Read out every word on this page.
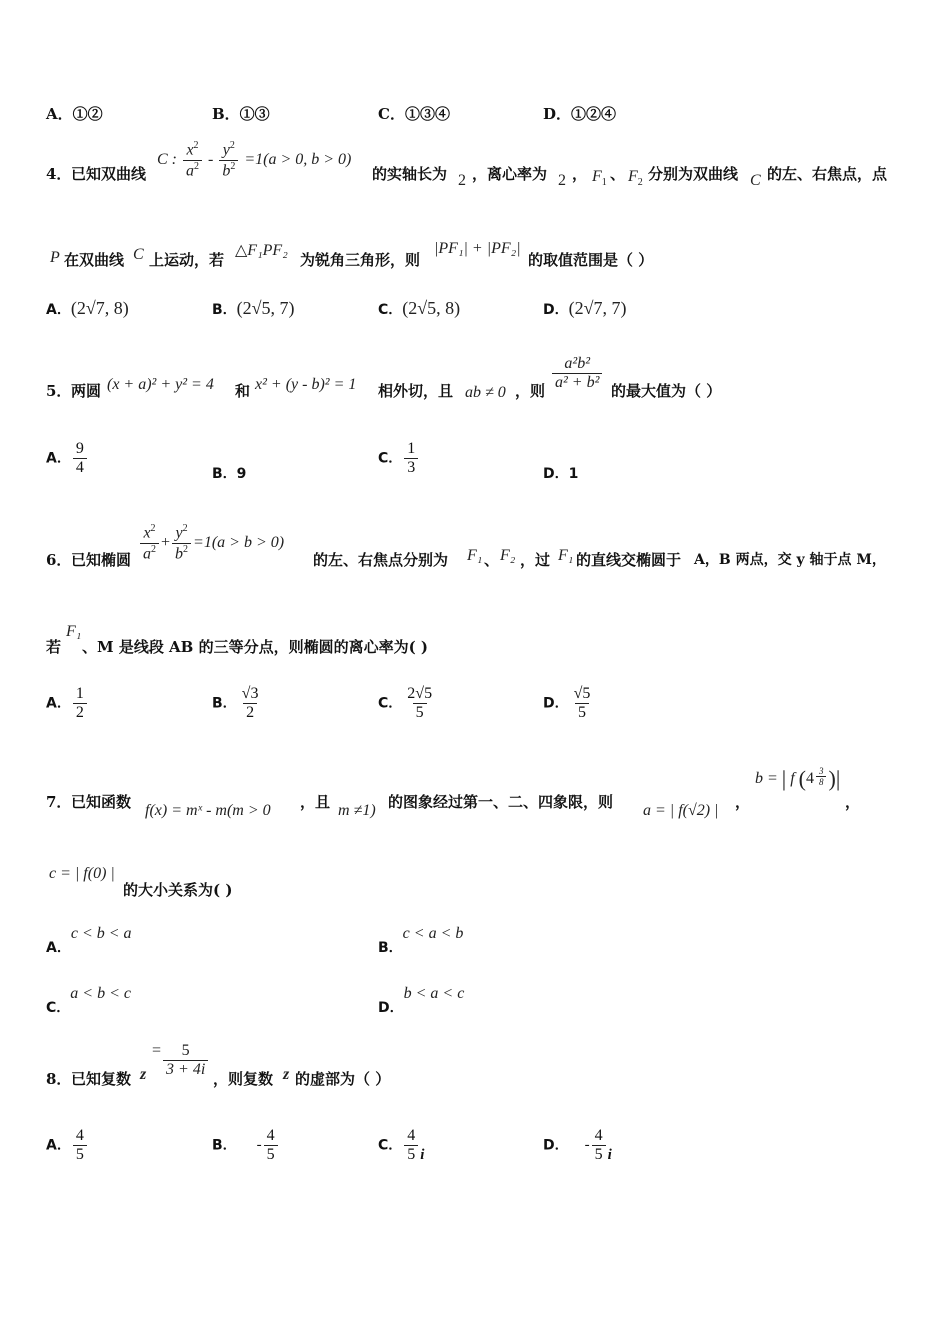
A．①②	B．①③	C．①③④	D．①②④
4． 已知双曲线
C : $\frac{x^2}{a^2} - \frac{y^2}{b^2} =1(a > 0$, b > 0)
的实轴长为 2 ，离心率为 2 ， $F_1$ 、 $F_2$ 分别为双曲线 C 的左、右焦点，点
P 在双曲线 C 上运动，若
△F₁PF₂
为锐角三角形，则
|PF₁| + |PF₂|
的取值范围是（ ）
A．(2√7, 8)	B．(2√5, 7)	C．(2√5, 8)	D．(2√7, 7)
5． 两圆 (x + a)² + y² = 4 和 x² + (y - b)² = 1 相外切，且 ab ≠ 0 ，则 $\frac{\text{a²b²}}{\text{a² + b²}}$ 的最大值为（ ）
A． $\frac{9}{4}$	B．9
C． $\frac{1}{3}$	D．1
6． 已知椭圆 $\frac{x^2}{a^2} + \frac{y^2}{b^2} =1(a > b > 0)$
的左、右焦点分别为 F₁ 、 F₂ ，过 F₁ 的直线交椭圆于 A，B 两点，交 y 轴于点 M，
若
F₁
、M 是线段 AB 的三等分点，则椭圆的离心率为( )
A． $\frac{1}{2}$	B． $\frac{√3}{2}$	C． $\frac{2√5}{5}$	D． $\frac{√5}{5}$
7． 已知函数 f(x) = mˣ - m(m > 0 ，且 m ≠1) 的图象经过第一、二、四象限，则 a = | f(√2) | ，
b = | f ($4 \frac{3}{8}$ )|
，
c = | f(0) |
的大小关系为( )
A．c < b < a
B．c < a < b
C．a < b < c
D．b < a < c
8． 已知复数 z
= $\frac{5}{3 + 4i}$ ，则复数 z 的虚部为（ ）
A． $\frac{4}{5}$	B． - $\frac{4}{5}$	C． $\frac{4}{5}$ i
D． - $\frac{4}{5}$ i
